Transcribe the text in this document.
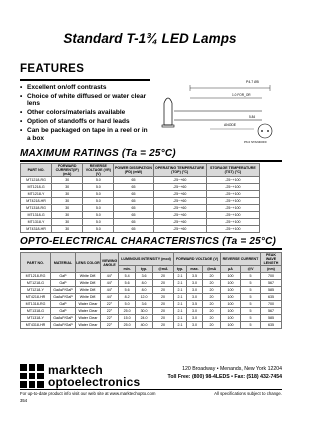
Standard T-1¾ LED Lamps
FEATURES
• Excellent on/off contrasts
• Choice of white diffused or water clear lens
• Other colors/materials available
• Option of standoffs or hard leads
• Can be packaged on tape in a reel or in a box
P4.7 Ø5
1.0 FOR_OR
ANODE
5.84
P6.0 STANDOFF
MAXIMUM RATINGS (Ta = 25°C)
PART NO.	FORWARD CURRENT(IF) (mA)	REVERSE VOLTAGE (VR) (V)	POWER DISSIPATION (PD) (mW)	OPERATING TEMPERATURE (TOP) (°C)	STORAGE TEMPERATURE (TST) (°C)
MT1218-RG	30	5.0	65	-25~+60	-25~+100
MT1218-G	30	5.0	65	-25~+60	-25~+100
MT1218-Y	30	5.0	65	-25~+60	-25~+100
MT4218-HR	30	5.0	65	-25~+60	-25~+100
MT1318-RG	30	5.0	65	-25~+60	-25~+100
MT1318-G	30	5.0	65	-25~+60	-25~+100
MT1318-Y	30	5.0	65	-25~+60	-25~+100
MT4318-HR	30	5.0	65	-25~+60	-25~+100
OPTO-ELECTRICAL CHARACTERISTICS (Ta = 25°C)
PART NO.	MATERIAL	LENS COLOR	VIEWING ANGLE	LUMINOUS INTENSITY (mcd)			FORWARD VOLTAGE (V)			REVERSE CURRENT		PEAK WAVE LENGTH
				min.	typ.	@mA	typ.	max.	@mA	µA	@V	(nm)
MT1218-RG	GaP	White Diff.	44°	5.4	3.6	20	2.1	3.5	20	100	5	700
MT1218-G	GaP	White Diff.	44°	5.6	8.0	20	2.1	3.0	20	100	5	567
MT1218-Y	GaAsP/GaP	White Diff.	44°	5.6	8.0	20	2.1	3.0	20	100	5	585
MT4218-HR	GaAsP/GaP	White Diff.	44°	8.2	12.0	20	2.1	3.0	20	100	5	635
MT1318-RG	GaP	Water Clear	22°	5.0	3.6	20	2.1	3.5	20	100	5	700
MT1318-G	GaP	Water Clear	22°	25.0	30.0	20	2.1	3.0	20	100	5	567
MT1318-Y	GaAsP/GaP	Water Clear	22°	15.0	24.0	20	2.1	3.0	20	100	5	585
MT4318-HR	GaAsP/GaP	Water Clear	22°	25.0	40.0	20	2.1	3.0	20	100	5	635
marktech
optoelectronics
120 Broadway • Menands, New York 12204
Toll Free: (800) 98-4LEDS • Fax: (518) 432-7454
For up-to-date product info visit our web site at www.marktechopto.com	All specifications subject to change.
354
